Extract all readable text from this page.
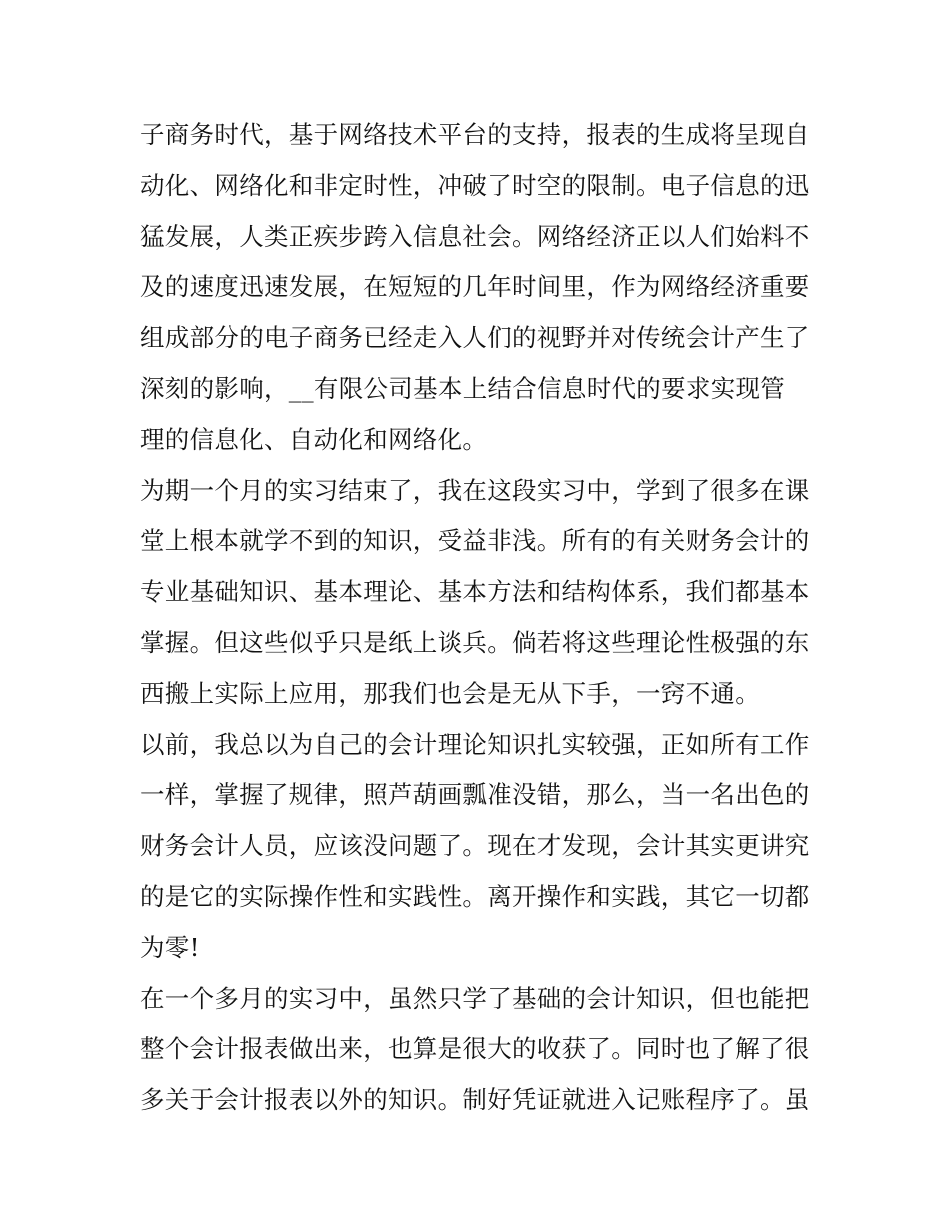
子商务时代，基于网络技术平台的支持，报表的生成将呈现自
动化、网络化和非定时性，冲破了时空的限制。电子信息的迅
猛发展，人类正疾步跨入信息社会。网络经济正以人们始料不
及的速度迅速发展，在短短的几年时间里，作为网络经济重要
组成部分的电子商务已经走入人们的视野并对传统会计产生了
深刻的影响，__有限公司基本上结合信息时代的要求实现管
理的信息化、自动化和网络化。
为期一个月的实习结束了，我在这段实习中，学到了很多在课
堂上根本就学不到的知识，受益非浅。所有的有关财务会计的
专业基础知识、基本理论、基本方法和结构体系，我们都基本
掌握。但这些似乎只是纸上谈兵。倘若将这些理论性极强的东
西搬上实际上应用，那我们也会是无从下手，一窍不通。
以前，我总以为自己的会计理论知识扎实较强，正如所有工作
一样，掌握了规律，照芦葫画瓢准没错，那么，当一名出色的
财务会计人员，应该没问题了。现在才发现，会计其实更讲究
的是它的实际操作性和实践性。离开操作和实践，其它一切都
为零!
在一个多月的实习中，虽然只学了基础的会计知识，但也能把
整个会计报表做出来，也算是很大的收获了。同时也了解了很
多关于会计报表以外的知识。制好凭证就进入记账程序了。虽
